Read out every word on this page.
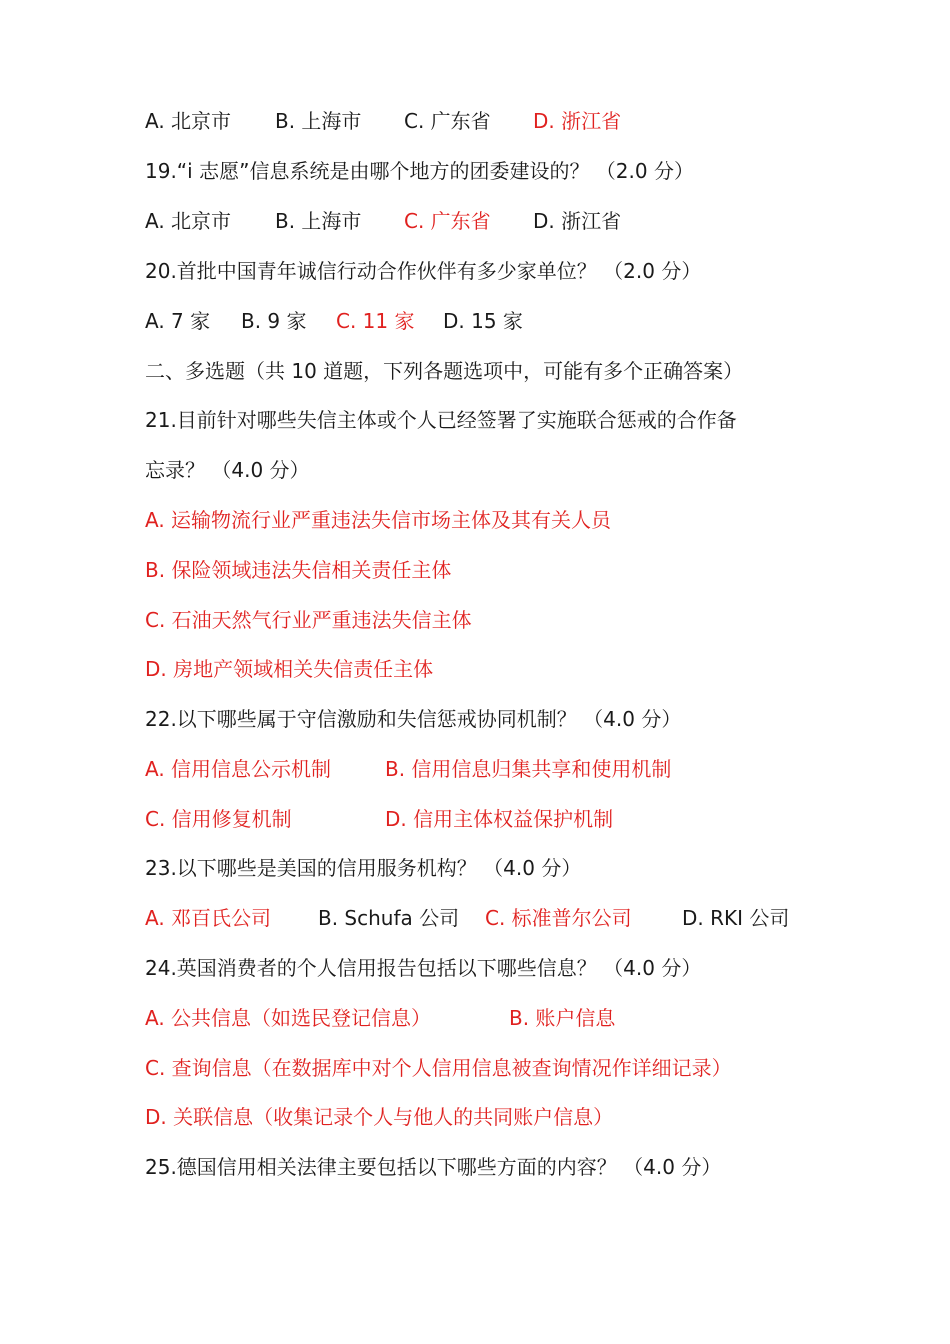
A. 北京市 B. 上海市 C. 广东省 D. 浙江省
19.“i 志愿”信息系统是由哪个地方的团委建设的？ （2.0 分）
A. 北京市 B. 上海市 C. 广东省 D. 浙江省
20.首批中国青年诚信行动合作伙伴有多少家单位？ （2.0 分）
A. 7 家 B. 9 家 C. 11 家 D. 15 家
二、多选题（共 10 道题，下列各题选项中，可能有多个正确答案）
21.目前针对哪些失信主体或个人已经签署了实施联合惩戒的合作备
忘录？ （4.0 分）
A. 运输物流行业严重违法失信市场主体及其有关人员
B. 保险领域违法失信相关责任主体
C. 石油天然气行业严重违法失信主体
D. 房地产领域相关失信责任主体
22.以下哪些属于守信激励和失信惩戒协同机制？ （4.0 分）
A. 信用信息公示机制	B. 信用信息归集共享和使用机制
C. 信用修复机制	D. 信用主体权益保护机制
23.以下哪些是美国的信用服务机构？ （4.0 分）
A. 邓百氏公司 B. Schufa 公司 C. 标准普尔公司	D. RKI 公司
24.英国消费者的个人信用报告包括以下哪些信息？ （4.0 分）
A. 公共信息（如选民登记信息）	B. 账户信息
C. 查询信息（在数据库中对个人信用信息被查询情况作详细记录）
D. 关联信息（收集记录个人与他人的共同账户信息）
25.德国信用相关法律主要包括以下哪些方面的内容？ （4.0 分）
